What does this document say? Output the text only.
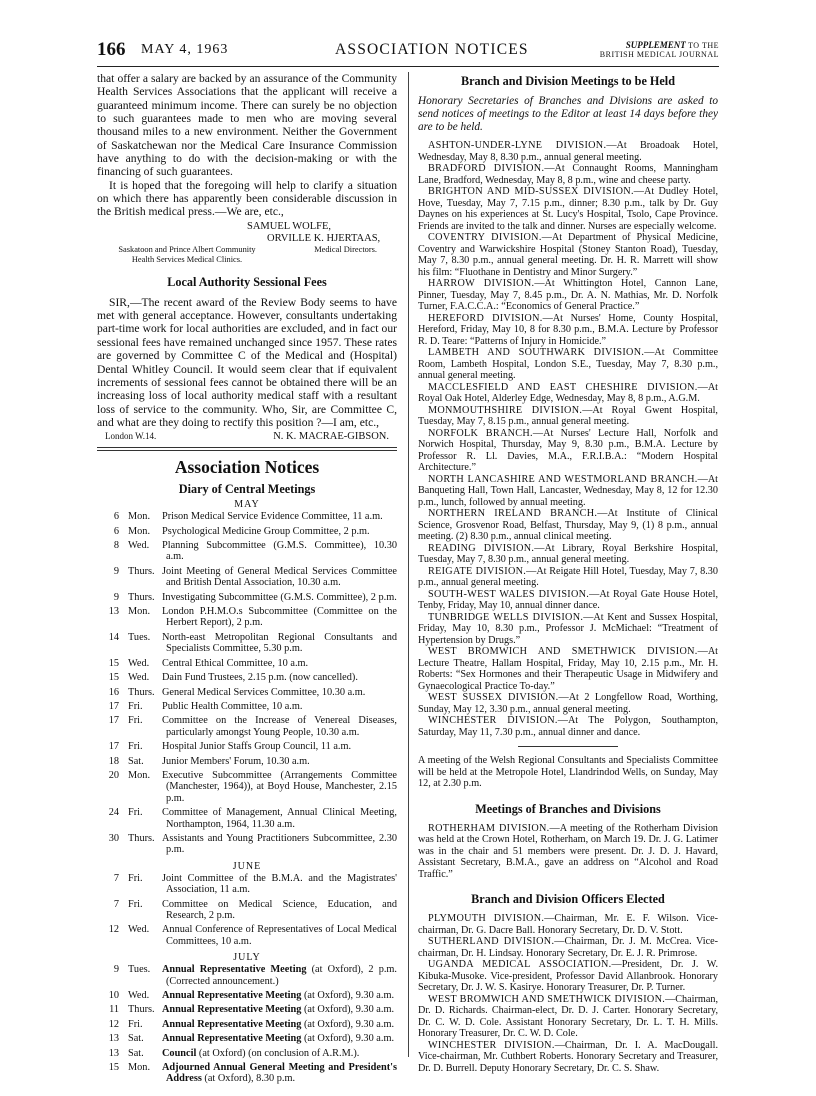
166 MAY 4, 1963	ASSOCIATION NOTICES	SUPPLEMENT TO THE
BRITISH MEDICAL JOURNAL

that offer a salary are backed by an assurance of the Community Health Services Associations that the applicant will receive a guaranteed minimum income. There can surely be no objection to such guarantees made to men who are moving several thousand miles to a new environment. Neither the Government of Saskatchewan nor the Medical Care Insurance Commission have anything to do with the decision-making or with the financing of such guarantees.

It is hoped that the foregoing will help to clarify a situation on which there has apparently been considerable discussion in the British medical press.—We are, etc.,

SAMUEL WOLFE,
ORVILLE K. HJERTAAS,
Saskatoon and Prince Albert Community
Health Services Medical Clinics.
Medical Directors.
Local Authority Sessional Fees

SIR,—The recent award of the Review Body seems to have met with general acceptance. However, consultants undertaking part-time work for local authorities are excluded, and in fact our sessional fees have remained unchanged since 1957. These rates are governed by Committee C of the Medical and (Hospital) Dental Whitley Council. It would seem clear that if equivalent increments of sessional fees cannot be obtained there will be an increasing loss of local authority medical staff with a resultant loss of service to the community. Who, Sir, are Committee C, and what are they doing to rectify this position ?—I am, etc.,

London W.14.	N. K. MACRAE-GIBSON.
Association Notices
Diary of Central Meetings
MAY
6	Mon.	Prison Medical Service Evidence Committee, 11 a.m.
6	Mon.	Psychological Medicine Group Committee, 2 p.m.
8	Wed.	Planning Subcommittee (G.M.S. Committee), 10.30 a.m.
9	Thurs.	Joint Meeting of General Medical Services Committee and British Dental Association, 10.30 a.m.
9	Thurs.	Investigating Subcommittee (G.M.S. Committee), 2 p.m.
13	Mon.	London P.H.M.O.s Subcommittee (Committee on the Herbert Report), 2 p.m.
14	Tues.	North-east Metropolitan Regional Consultants and Specialists Committee, 5.30 p.m.
15	Wed.	Central Ethical Committee, 10 a.m.
15	Wed.	Dain Fund Trustees, 2.15 p.m. (now cancelled).
16	Thurs.	General Medical Services Committee, 10.30 a.m.
17	Fri.	Public Health Committee, 10 a.m.
17	Fri.	Committee on the Increase of Venereal Diseases, particularly amongst Young People, 10.30 a.m.
17	Fri.	Hospital Junior Staffs Group Council, 11 a.m.
18	Sat.	Junior Members' Forum, 10.30 a.m.
20	Mon.	Executive Subcommittee (Arrangements Committee (Manchester, 1964)), at Boyd House, Manchester, 2.15 p.m.
24	Fri.	Committee of Management, Annual Clinical Meeting, Northampton, 1964, 11.30 a.m.
30	Thurs.	Assistants and Young Practitioners Subcommittee, 2.30 p.m.
JUNE
7	Fri.	Joint Committee of the B.M.A. and the Magistrates' Association, 11 a.m.
7	Fri.	Committee on Medical Science, Education, and Research, 2 p.m.
12	Wed.	Annual Conference of Representatives of Local Medical Committees, 10 a.m.
JULY
9	Tues.	Annual Representative Meeting (at Oxford), 2 p.m. (Corrected announcement.)
10	Wed.	Annual Representative Meeting (at Oxford), 9.30 a.m.
11	Thurs.	Annual Representative Meeting (at Oxford), 9.30 a.m.
12	Fri.	Annual Representative Meeting (at Oxford), 9.30 a.m.
13	Sat.	Annual Representative Meeting (at Oxford), 9.30 a.m.
13	Sat.	Council (at Oxford) (on conclusion of A.R.M.).
15	Mon.	Adjourned Annual General Meeting and President's Address (at Oxford), 8.30 p.m.
Branch and Division Meetings to be Held

Honorary Secretaries of Branches and Divisions are asked to send notices of meetings to the Editor at least 14 days before they are to be held.

ASHTON-UNDER-LYNE DIVISION.—At Broadoak Hotel, Wednesday, May 8, 8.30 p.m., annual general meeting.

BRADFORD DIVISION.—At Connaught Rooms, Manningham Lane, Bradford, Wednesday, May 8, 8 p.m., wine and cheese party.

BRIGHTON AND MID-SUSSEX DIVISION.—At Dudley Hotel, Hove, Tuesday, May 7, 7.15 p.m., dinner; 8.30 p.m., talk by Dr. Guy Daynes on his experiences at St. Lucy's Hospital, Tsolo, Cape Province. Friends are invited to the talk and dinner. Nurses are especially welcome.

COVENTRY DIVISION.—At Department of Physical Medicine, Coventry and Warwickshire Hospital (Stoney Stanton Road), Tuesday, May 7, 8.30 p.m., annual general meeting. Dr. H. R. Marrett will show his film: “Fluothane in Dentistry and Minor Surgery.”

HARROW DIVISION.—At Whittington Hotel, Cannon Lane, Pinner, Tuesday, May 7, 8.45 p.m., Dr. A. N. Mathias, Mr. D. Norfolk Turner, F.A.C.C.A.: “Economics of General Practice.”

HEREFORD DIVISION.—At Nurses' Home, County Hospital, Hereford, Friday, May 10, 8 for 8.30 p.m., B.M.A. Lecture by Professor R. D. Teare: “Patterns of Injury in Homicide.”

LAMBETH AND SOUTHWARK DIVISION.—At Committee Room, Lambeth Hospital, London S.E., Tuesday, May 7, 8.30 p.m., annual general meeting.

MACCLESFIELD AND EAST CHESHIRE DIVISION.—At Royal Oak Hotel, Alderley Edge, Wednesday, May 8, 8 p.m., A.G.M.

MONMOUTHSHIRE DIVISION.—At Royal Gwent Hospital, Tuesday, May 7, 8.15 p.m., annual general meeting.

NORFOLK BRANCH.—At Nurses' Lecture Hall, Norfolk and Norwich Hospital, Thursday, May 9, 8.30 p.m., B.M.A. Lecture by Professor R. Ll. Davies, M.A., F.R.I.B.A.: “Modern Hospital Architecture.”

NORTH LANCASHIRE AND WESTMORLAND BRANCH.—At Banqueting Hall, Town Hall, Lancaster, Wednesday, May 8, 12 for 12.30 p.m., lunch, followed by annual meeting.

NORTHERN IRELAND BRANCH.—At Institute of Clinical Science, Grosvenor Road, Belfast, Thursday, May 9, (1) 8 p.m., annual meeting. (2) 8.30 p.m., annual clinical meeting.

READING DIVISION.—At Library, Royal Berkshire Hospital, Tuesday, May 7, 8.30 p.m., annual general meeting.

REIGATE DIVISION.—At Reigate Hill Hotel, Tuesday, May 7, 8.30 p.m., annual general meeting.

SOUTH-WEST WALES DIVISION.—At Royal Gate House Hotel, Tenby, Friday, May 10, annual dinner dance.

TUNBRIDGE WELLS DIVISION.—At Kent and Sussex Hospital, Friday, May 10, 8.30 p.m., Professor J. McMichael: “Treatment of Hypertension by Drugs.”

WEST BROMWICH AND SMETHWICK DIVISION.—At Lecture Theatre, Hallam Hospital, Friday, May 10, 2.15 p.m., Mr. H. Roberts: “Sex Hormones and their Therapeutic Usage in Midwifery and Gynaecological Practice To-day.”

WEST SUSSEX DIVISION.—At 2 Longfellow Road, Worthing, Sunday, May 12, 3.30 p.m., annual general meeting.

WINCHESTER DIVISION.—At The Polygon, Southampton, Saturday, May 11, 7.30 p.m., annual dinner and dance.

A meeting of the Welsh Regional Consultants and Specialists Committee will be held at the Metropole Hotel, Llandrindod Wells, on Sunday, May 12, at 2.30 p.m.

Meetings of Branches and Divisions

ROTHERHAM DIVISION.—A meeting of the Rotherham Division was held at the Crown Hotel, Rotherham, on March 19. Dr. J. G. Latimer was in the chair and 51 members were present. Dr. J. D. J. Havard, Assistant Secretary, B.M.A., gave an address on “Alcohol and Road Traffic.”

Branch and Division Officers Elected

PLYMOUTH DIVISION.—Chairman, Mr. E. F. Wilson. Vice-chairman, Dr. G. Dacre Ball. Honorary Secretary, Dr. D. V. Stott.

SUTHERLAND DIVISION.—Chairman, Dr. J. M. McCrea. Vice-chairman, Dr. H. Lindsay. Honorary Secretary, Dr. E. J. R. Primrose.

UGANDA MEDICAL ASSOCIATION.—President, Dr. J. W. Kibuka-Musoke. Vice-president, Professor David Allanbrook. Honorary Secretary, Dr. J. W. S. Kasirye. Honorary Treasurer, Dr. P. Turner.

WEST BROMWICH AND SMETHWICK DIVISION.—Chairman, Dr. D. Richards. Chairman-elect, Dr. D. J. Carter. Honorary Secretary, Dr. C. W. D. Cole. Assistant Honorary Secretary, Dr. L. T. H. Mills. Honorary Treasurer, Dr. C. W. D. Cole.

WINCHESTER DIVISION.—Chairman, Dr. I. A. MacDougall. Vice-chairman, Mr. Cuthbert Roberts. Honorary Secretary and Treasurer, Dr. D. Burrell. Deputy Honorary Secretary, Dr. C. S. Shaw.
